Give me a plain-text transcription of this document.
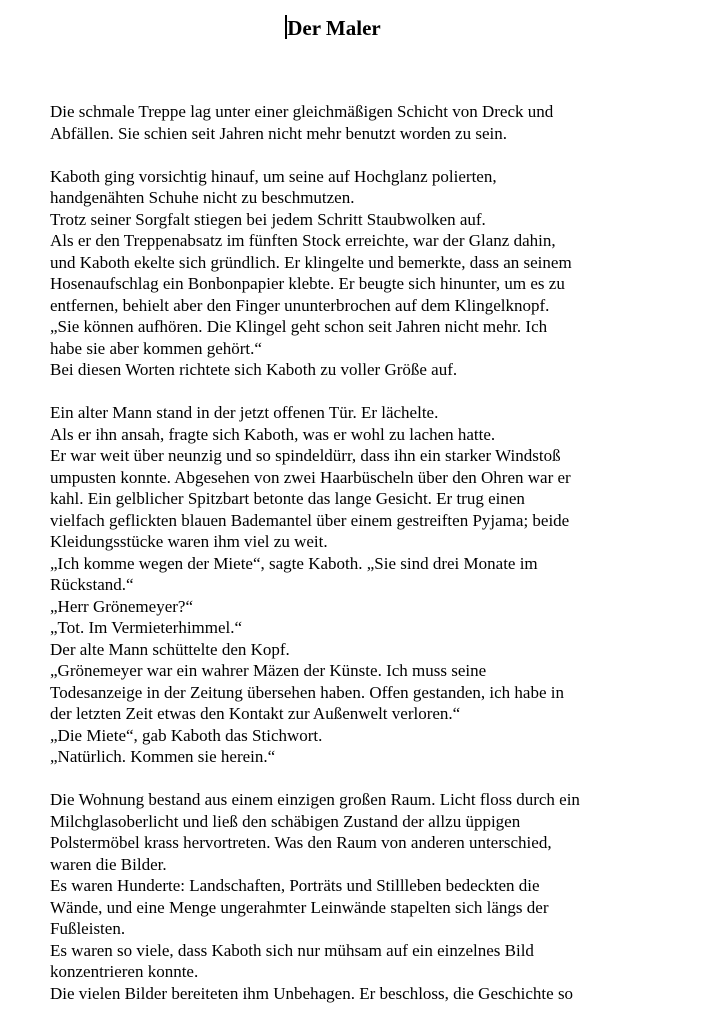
Der Maler
Die schmale Treppe lag unter einer gleichmäßigen Schicht von Dreck und
Abfällen. Sie schien seit Jahren nicht mehr benutzt worden zu sein.
Kaboth ging vorsichtig hinauf, um seine auf Hochglanz polierten,
handgenähten Schuhe nicht zu beschmutzen.
Trotz seiner Sorgfalt stiegen bei jedem Schritt Staubwolken auf.
Als er den Treppenabsatz im fünften Stock erreichte, war der Glanz dahin,
und Kaboth ekelte sich gründlich. Er klingelte und bemerkte, dass an seinem
Hosenaufschlag ein Bonbonpapier klebte. Er beugte sich hinunter, um es zu
entfernen, behielt aber den Finger ununterbrochen auf dem Klingelknopf.
„Sie können aufhören. Die Klingel geht schon seit Jahren nicht mehr. Ich
habe sie aber kommen gehört.“
Bei diesen Worten richtete sich Kaboth zu voller Größe auf.
Ein alter Mann stand in der jetzt offenen Tür. Er lächelte.
Als er ihn ansah, fragte sich Kaboth, was er wohl zu lachen hatte.
Er war weit über neunzig und so spindeldürr, dass ihn ein starker Windstoß
umpusten konnte. Abgesehen von zwei Haarbüscheln über den Ohren war er
kahl. Ein gelblicher Spitzbart betonte das lange Gesicht. Er trug einen
vielfach geflickten blauen Bademantel über einem gestreiften Pyjama; beide
Kleidungsstücke waren ihm viel zu weit.
„Ich komme wegen der Miete“, sagte Kaboth. „Sie sind drei Monate im
Rückstand.“
„Herr Grönemeyer?“
„Tot. Im Vermieterhimmel.“
Der alte Mann schüttelte den Kopf.
„Grönemeyer war ein wahrer Mäzen der Künste. Ich muss seine
Todesanzeige in der Zeitung übersehen haben. Offen gestanden, ich habe in
der letzten Zeit etwas den Kontakt zur Außenwelt verloren.“
„Die Miete“, gab Kaboth das Stichwort.
„Natürlich. Kommen sie herein.“
Die Wohnung bestand aus einem einzigen großen Raum. Licht floss durch ein
Milchglasoberlicht und ließ den schäbigen Zustand der allzu üppigen
Polstermöbel krass hervortreten. Was den Raum von anderen unterschied,
waren die Bilder.
Es waren Hunderte: Landschaften, Porträts und Stillleben bedeckten die
Wände, und eine Menge ungerahmter Leinwände stapelten sich längs der
Fußleisten.
Es waren so viele, dass Kaboth sich nur mühsam auf ein einzelnes Bild
konzentrieren konnte.
Die vielen Bilder bereiteten ihm Unbehagen. Er beschloss, die Geschichte so
